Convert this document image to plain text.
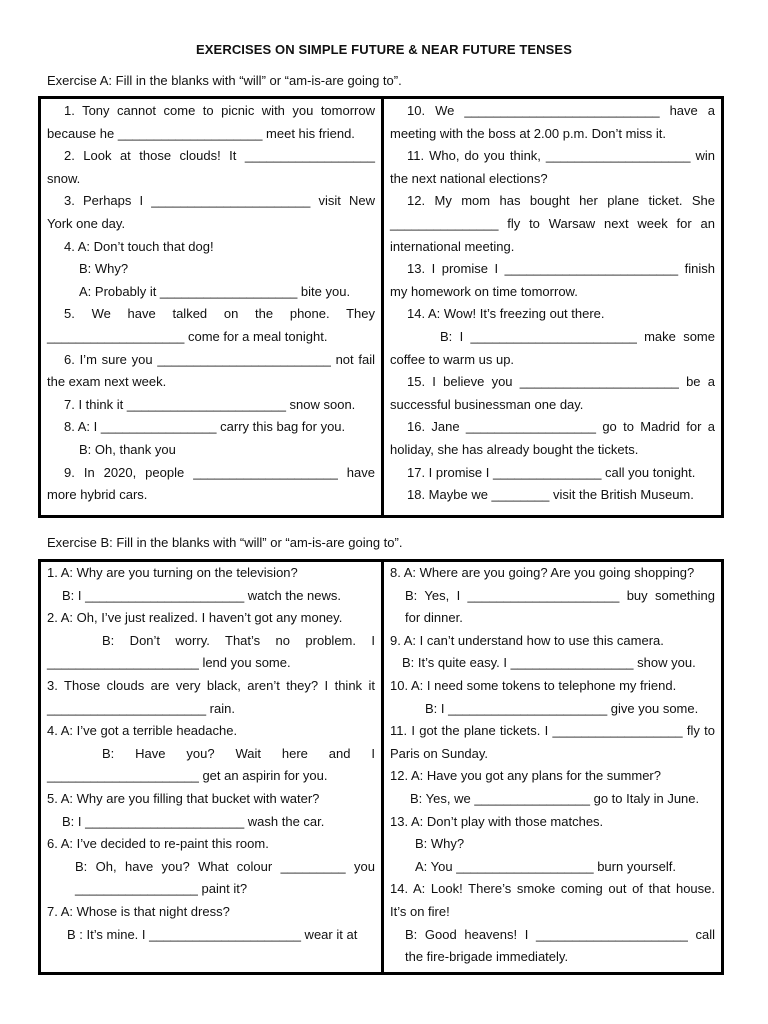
EXERCISES ON SIMPLE FUTURE & NEAR FUTURE TENSES
Exercise A: Fill in the blanks with “will” or “am-is-are going to”.

1. Tony cannot come to picnic with you tomorrow because he ____________________ meet his friend.

2. Look at those clouds! It __________________ snow.

3. Perhaps I ______________________ visit New York one day.

4. A: Don’t touch that dog!

B: Why?

A: Probably it ___________________ bite you.

5. We have talked on the phone. They ___________________ come for a meal tonight.

6. I’m sure you ________________________ not fail the exam next week.

7. I think it ______________________ snow soon.

8. A: I ________________ carry this bag for you.

B: Oh, thank you

9. In 2020, people ____________________ have more hybrid cars.

10. We ___________________________ have a meeting with the boss at 2.00 p.m. Don’t miss it.

11. Who, do you think, ____________________ win the next national elections?

12. My mom has bought her plane ticket. She _______________ fly to Warsaw next week for an international meeting.

13. I promise I ________________________ finish my homework on time tomorrow.

14. A: Wow! It’s freezing out there.

B: I _______________________ make some coffee to warm us up.

15. I believe you ______________________ be a successful businessman one day.

16. Jane __________________ go to Madrid for a holiday, she has already bought the tickets.

17. I promise I _______________ call you tonight.

18. Maybe we ________ visit the British Museum.

Exercise B: Fill in the blanks with “will” or “am-is-are going to”.

1. A: Why are you turning on the television?

B: I ______________________ watch the news.

2. A: Oh, I’ve just realized. I haven’t got any money.

B: Don’t worry. That’s no problem. I _____________________ lend you some.

3. Those clouds are very black, aren’t they? I think it ______________________ rain.

4. A: I’ve got a terrible headache.

B: Have you? Wait here and I _____________________ get an aspirin for you.

5. A: Why are you filling that bucket with water?

B: I ______________________ wash the car.

6. A: I’ve decided to re-paint this room.

B: Oh, have you? What colour _________ you _________________ paint it?

7. A: Whose is that night dress?

B : It’s mine. I _____________________ wear it at

8. A: Where are you going? Are you going shopping?

B: Yes, I _____________________ buy something for dinner.

9. A: I can’t understand how to use this camera.

B: It’s quite easy. I _________________ show you.

10. A: I need some tokens to telephone my friend.

B: I ______________________ give you some.

11. I got the plane tickets. I __________________ fly to Paris on Sunday.

12. A: Have you got any plans for the summer?

B: Yes, we ________________ go to Italy in June.

13. A: Don’t play with those matches.

B: Why?

A: You ___________________ burn yourself.

14. A: Look! There’s smoke coming out of that house. It’s on fire!

B: Good heavens! I _____________________ call the fire-brigade immediately.
